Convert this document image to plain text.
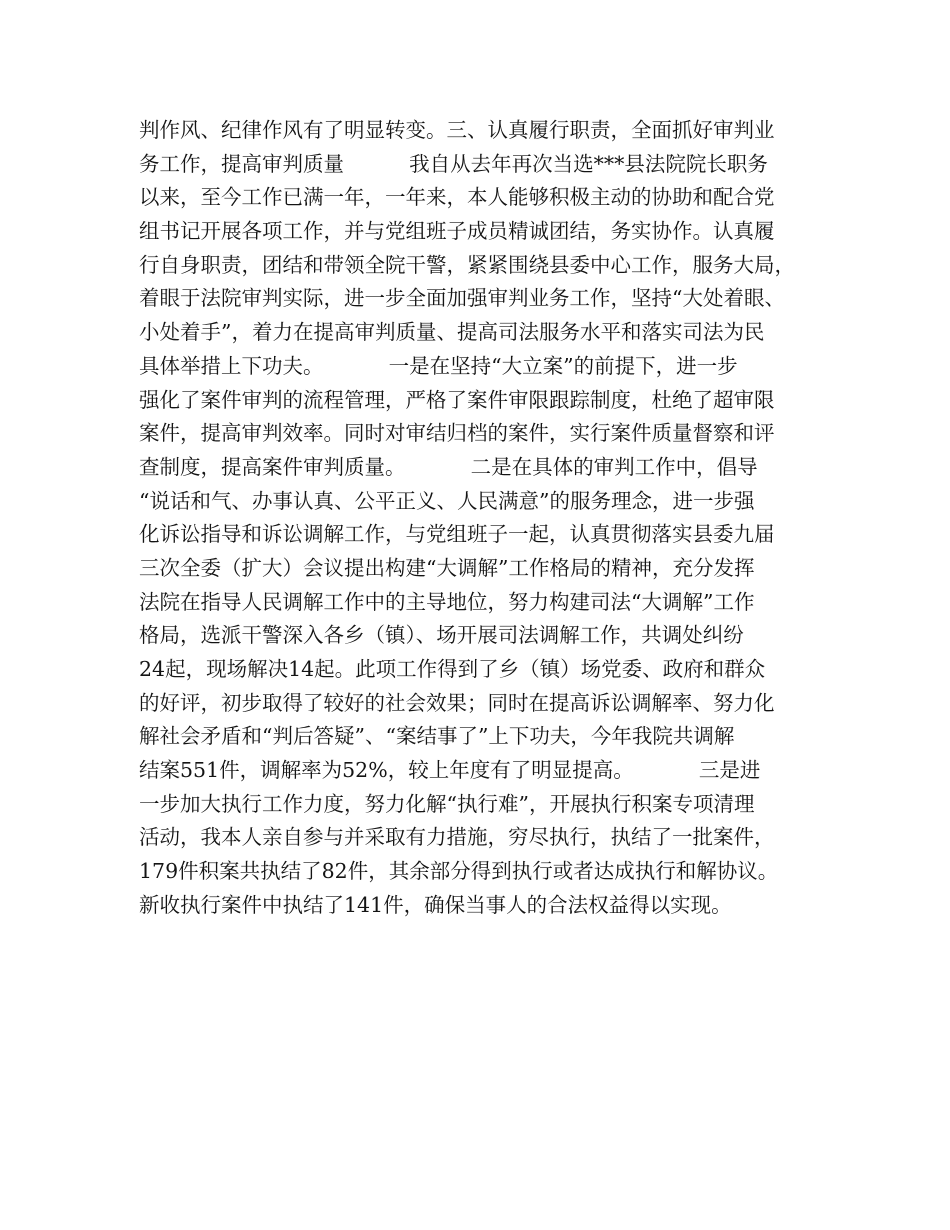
判作风、纪律作风有了明显转变。三、认真履行职责，全面抓好审判业
务工作，提高审判质量          我自从去年再次当选***县法院院长职务
以来，至今工作已满一年，一年来，本人能够积极主动的协助和配合党
组书记开展各项工作，并与党组班子成员精诚团结，务实协作。认真履
行自身职责，团结和带领全院干警，紧紧围绕县委中心工作，服务大局，
着眼于法院审判实际，进一步全面加强审判业务工作，坚持“大处着眼、
小处着手”，着力在提高审判质量、提高司法服务水平和落实司法为民
具体举措上下功夫。          一是在坚持“大立案”的前提下，进一步
强化了案件审判的流程管理，严格了案件审限跟踪制度，杜绝了超审限
案件，提高审判效率。同时对审结归档的案件，实行案件质量督察和评
查制度，提高案件审判质量。          二是在具体的审判工作中，倡导
“说话和气、办事认真、公平正义、人民满意”的服务理念，进一步强
化诉讼指导和诉讼调解工作，与党组班子一起，认真贯彻落实县委九届
三次全委（扩大）会议提出构建“大调解”工作格局的精神，充分发挥
法院在指导人民调解工作中的主导地位，努力构建司法“大调解”工作
格局，选派干警深入各乡（镇）、场开展司法调解工作，共调处纠纷
24起，现场解决14起。此项工作得到了乡（镇）场党委、政府和群众
的好评，初步取得了较好的社会效果；同时在提高诉讼调解率、努力化
解社会矛盾和“判后答疑”、“案结事了”上下功夫，今年我院共调解
结案551件，调解率为52%，较上年度有了明显提高。          三是进
一步加大执行工作力度，努力化解“执行难”，开展执行积案专项清理
活动，我本人亲自参与并采取有力措施，穷尽执行，执结了一批案件，
179件积案共执结了82件，其余部分得到执行或者达成执行和解协议。
新收执行案件中执结了141件，确保当事人的合法权益得以实现。
